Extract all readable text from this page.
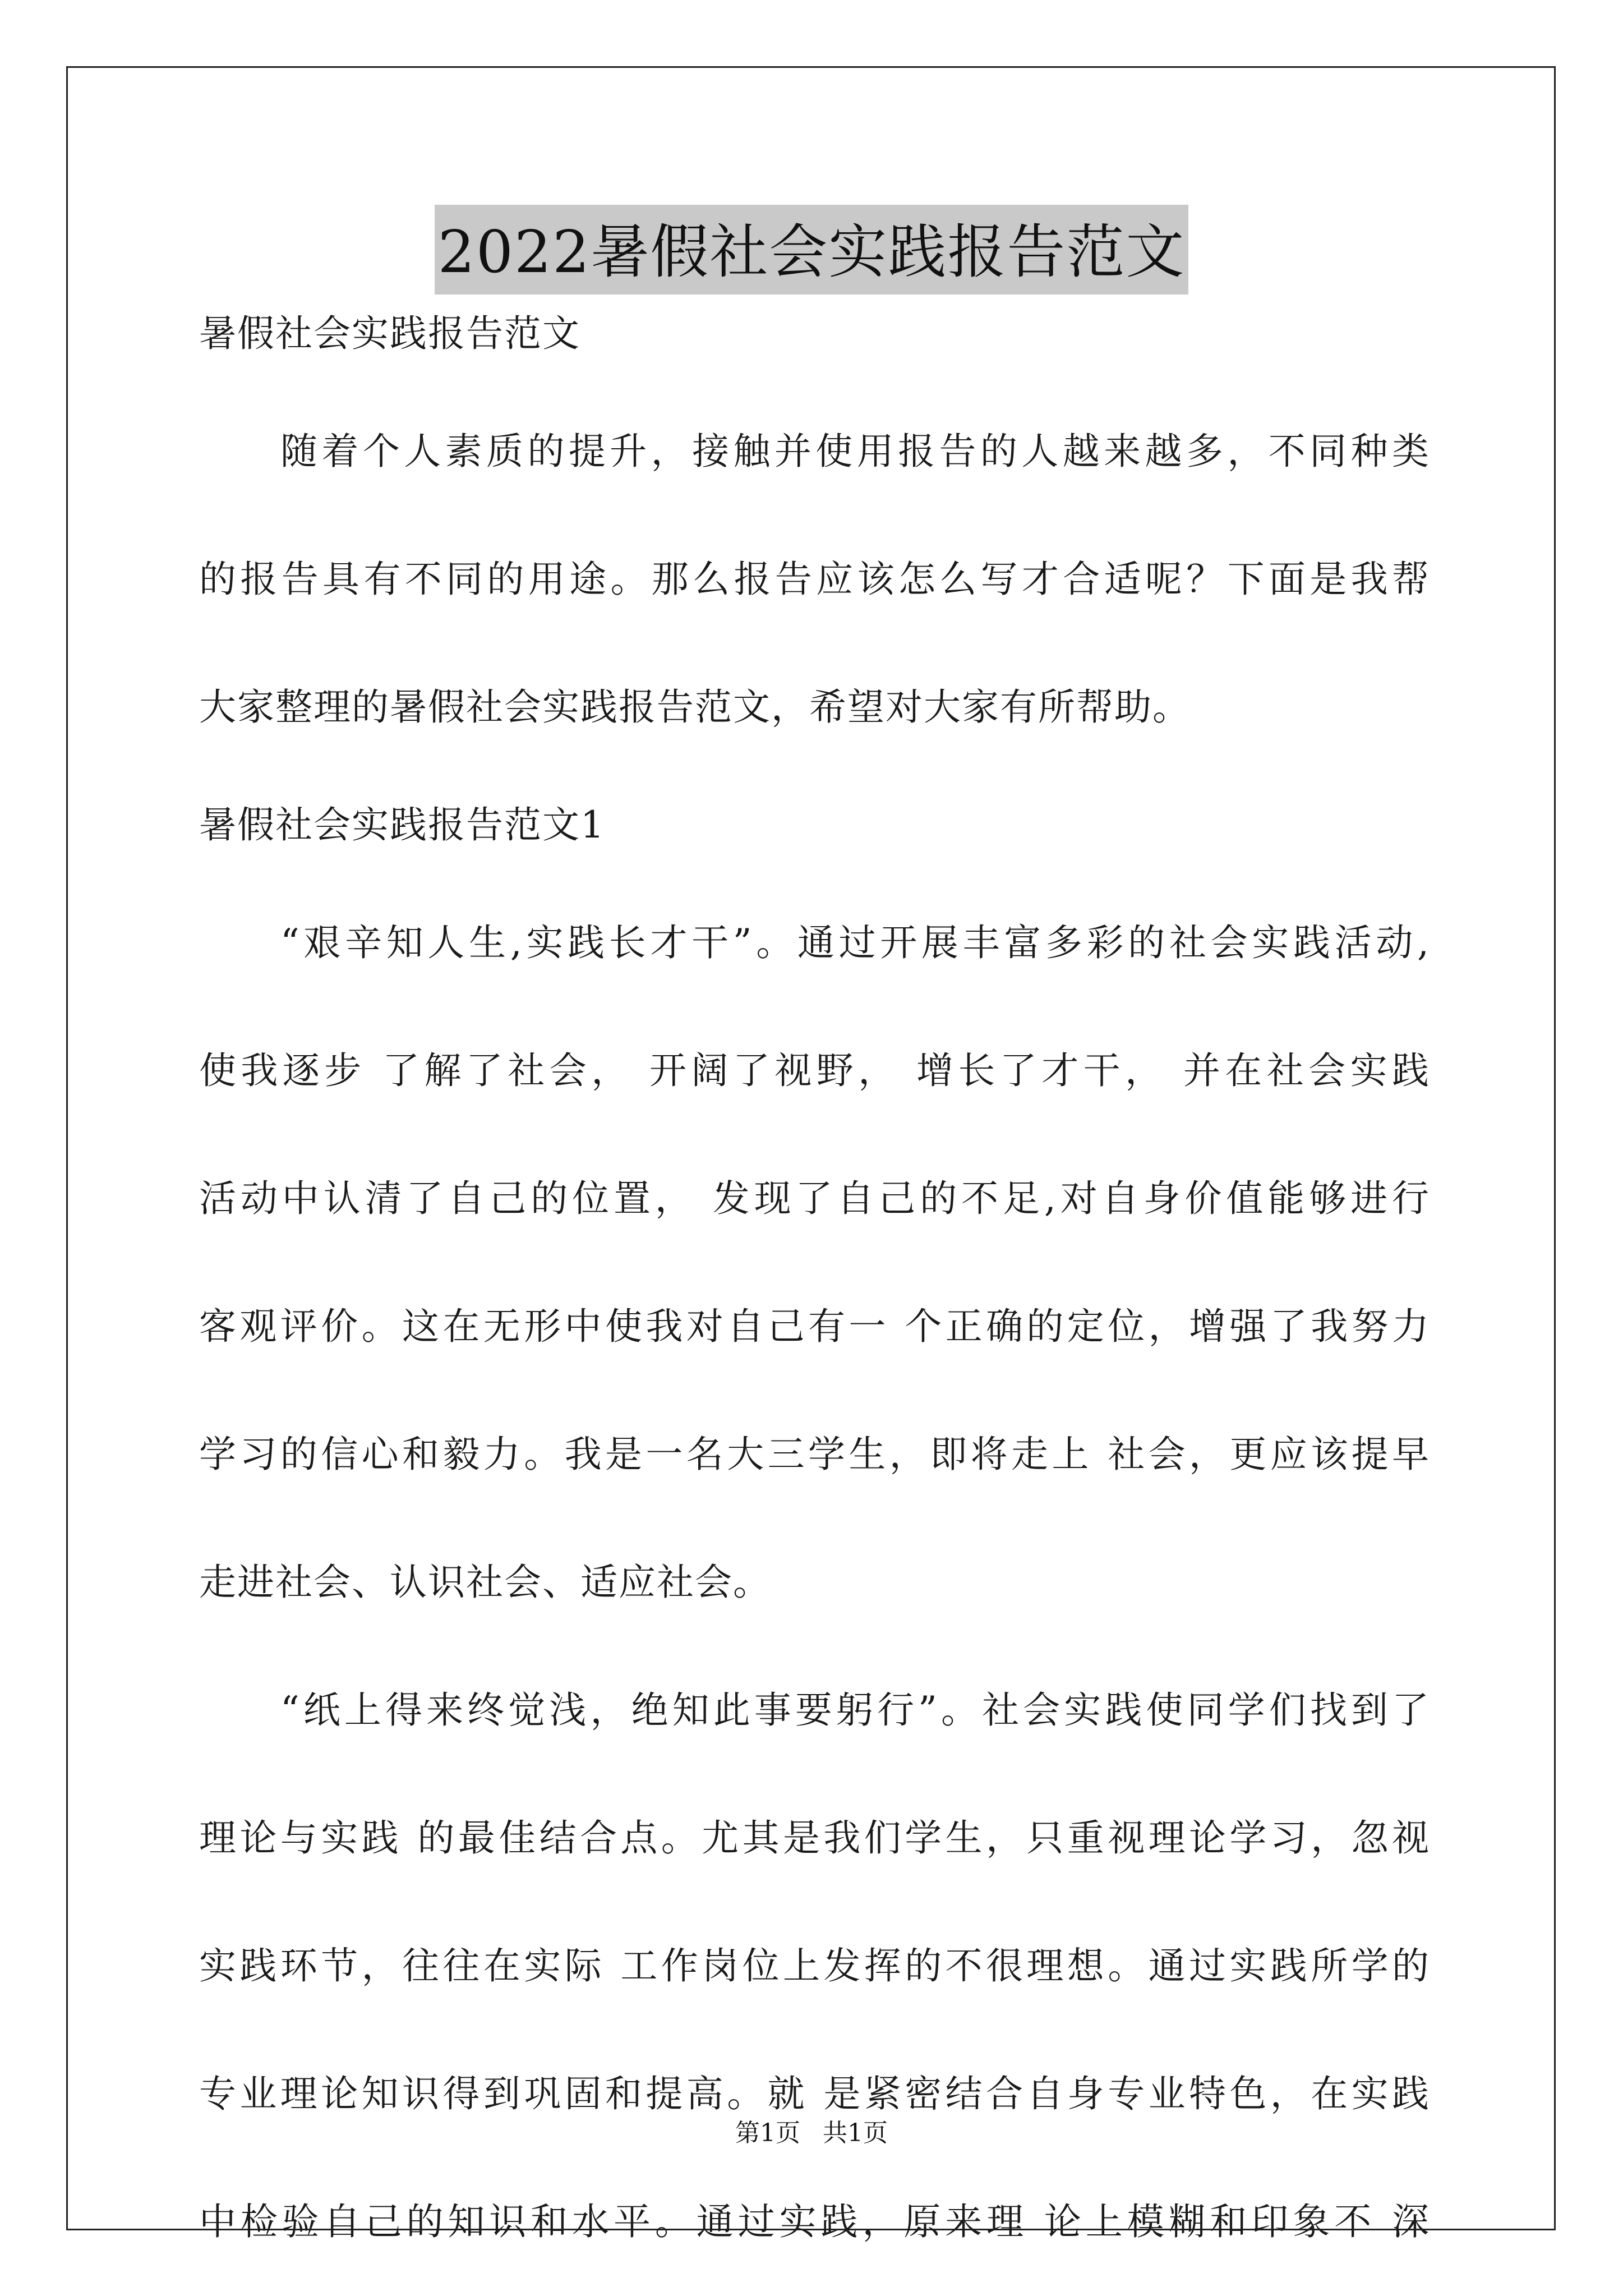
2022暑假社会实践报告范文
暑假社会实践报告范文
随着个人素质的提升，接触并使用报告的人越来越多，不同种类
的报告具有不同的用途。那么报告应该怎么写才合适呢？下面是我帮
大家整理的暑假社会实践报告范文，希望对大家有所帮助。
暑假社会实践报告范文1
“艰辛知人生,实践长才干”。通过开展丰富多彩的社会实践活动,
使我逐步 了解了社会， 开阔了视野， 增长了才干， 并在社会实践
活动中认清了自己的位置， 发现了自己的不足,对自身价值能够进行
客观评价。这在无形中使我对自己有一 个正确的定位，增强了我努力
学习的信心和毅力。我是一名大三学生，即将走上 社会，更应该提早
走进社会、认识社会、适应社会。
“纸上得来终觉浅，绝知此事要躬行”。社会实践使同学们找到了
理论与实践 的最佳结合点。尤其是我们学生，只重视理论学习，忽视
实践环节，往往在实际 工作岗位上发挥的不很理想。通过实践所学的
专业理论知识得到巩固和提高。就 是紧密结合自身专业特色，在实践
中检验自己的知识和水平。通过实践，原来理 论上模糊和印象不 深
第1页 共1页
